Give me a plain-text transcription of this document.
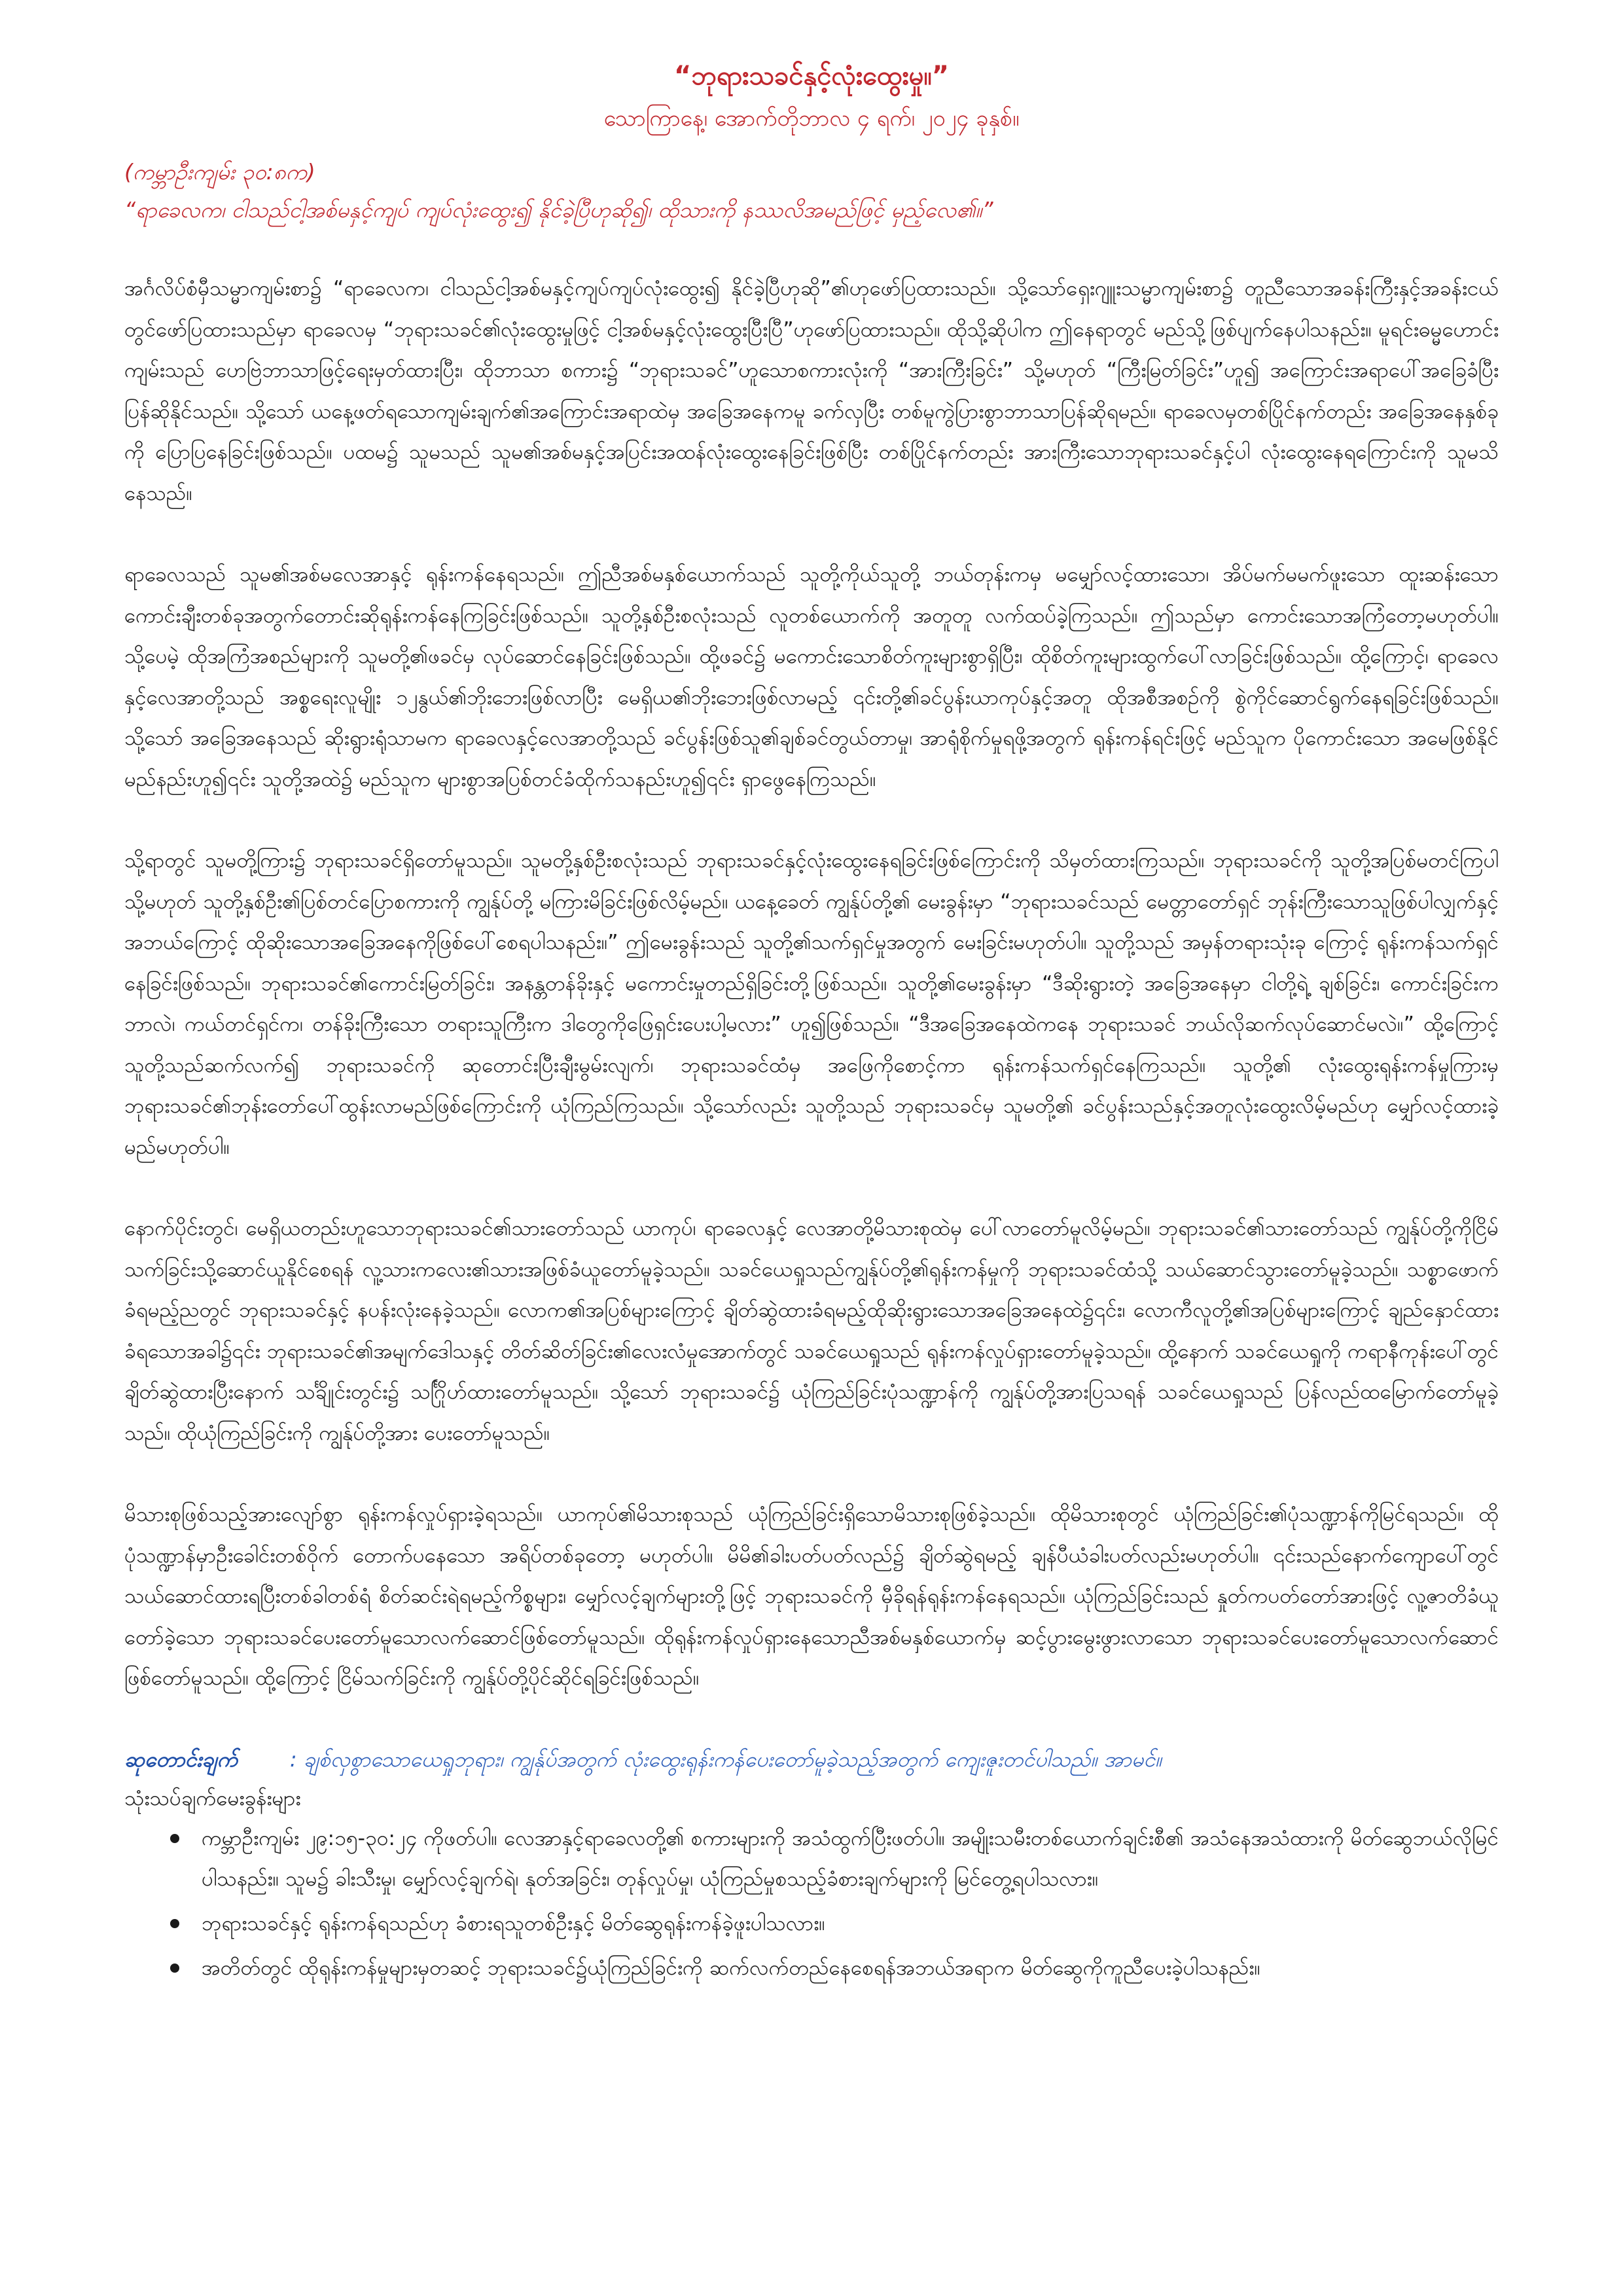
“ဘုရားသခင်နှင့်လုံးထွေးမှု။”

သောကြာနေ့၊ အောက်တိုဘာလ ၄ ရက်၊ ၂၀၂၄ ခုနှစ်။

(ကမ္ဘာဦးကျမ်း ၃၀:၈က)

“ရာခေလက၊ ငါသည်ငါ့အစ်မနှင့်ကျပ် ကျပ်လုံးထွေး၍ နိုင်ခဲ့ပြီဟုဆို၍၊ ထိုသားကို နဿလိအမည်ဖြင့် မှည့်လေ၏။”

အင်္ဂလိပ်စံမှီသမ္မာကျမ်းစာ၌ “ရာခေလက၊ ငါသည်ငါ့အစ်မနှင့်ကျပ်ကျပ်လုံးထွေး၍ နိုင်ခဲ့ပြီဟုဆို”၏ဟုဖော်ပြထားသည်။ သို့သော်ရှေးဂျူးသမ္မာကျမ်းစာ၌ တူညီသောအခန်းကြီးနှင့်အခန်းငယ်တွင်ဖော်ပြထားသည်မှာ ရာခေလမှ “ဘုရားသခင်၏လုံးထွေးမှုဖြင့် ငါ့အစ်မနှင့်လုံးထွေးပြီးပြီ”ဟုဖော်ပြထားသည်။ ထိုသို့ဆိုပါက ဤနေရာတွင် မည်သို့ဖြစ်ပျက်နေပါသနည်း။ မူရင်းဓမ္မဟောင်းကျမ်းသည် ဟေဗြဲဘာသာဖြင့်ရေးမှတ်ထားပြီး၊ ထိုဘာသာ စကား၌ “ဘုရားသခင်”ဟူသောစကားလုံးကို “အားကြီးခြင်း” သို့မဟုတ် “ကြီးမြတ်ခြင်း”ဟူ၍ အကြောင်းအရာပေါ်အခြေခံပြီးပြန်ဆိုနိုင်သည်။ သို့သော် ယနေ့ဖတ်ရသောကျမ်းချက်၏အကြောင်းအရာထဲမှ အခြေအနေကမူ ခက်လှပြီး တစ်မူကွဲပြားစွာဘာသာပြန်ဆိုရမည်။ ရာခေလမှတစ်ပြိုင်နက်တည်း အခြေအနေနှစ်ခုကို ပြောပြနေခြင်းဖြစ်သည်။ ပထမ၌ သူမသည် သူမ၏အစ်မနှင့်အပြင်းအထန်လုံးထွေးနေခြင်းဖြစ်ပြီး တစ်ပြိုင်နက်တည်း အားကြီးသောဘုရားသခင်နှင့်ပါ လုံးထွေးနေရကြောင်းကို သူမသိနေသည်။

ရာခေလသည် သူမ၏အစ်မလေအာနှင့် ရုန်းကန်နေရသည်။ ဤညီအစ်မနှစ်ယောက်သည် သူတို့ကိုယ်သူတို့ ဘယ်တုန်းကမှ မမျှော်လင့်ထားသော၊ အိပ်မက်မမက်ဖူးသော ထူးဆန်းသောကောင်းချီးတစ်ခုအတွက်တောင်းဆိုရုန်းကန်နေကြခြင်းဖြစ်သည်။ သူတို့နှစ်ဦးစလုံးသည် လူတစ်ယောက်ကို အတူတူ လက်ထပ်ခဲ့ကြသည်။ ဤသည်မှာ ကောင်းသောအကြံတော့မဟုတ်ပါ။ သို့ပေမဲ့ ထိုအကြံအစည်များကို သူမတို့၏ဖခင်မှ လုပ်ဆောင်နေခြင်းဖြစ်သည်။ ထို့ဖခင်၌ မကောင်းသောစိတ်ကူးများစွာရှိပြီး၊ ထိုစိတ်ကူးများထွက်ပေါ်လာခြင်းဖြစ်သည်။ ထို့ကြောင့်၊ ရာခေလနှင့်လေအာတို့သည် အစ္စရေးလူမျိုး ၁၂နွယ်၏ဘိုးဘေးဖြစ်လာပြီး မေရှိယ၏ဘိုးဘေးဖြစ်လာမည့် ၎င်းတို့၏ခင်ပွန်းယာကုပ်နှင့်အတူ ထိုအစီအစဉ်ကို စွဲကိုင်ဆောင်ရွက်နေရခြင်းဖြစ်သည်။ သို့သော် အခြေအနေသည် ဆိုးရွားရုံသာမက ရာခေလနှင့်လေအာတို့သည် ခင်ပွန်းဖြစ်သူ၏ချစ်ခင်တွယ်တာမှု၊ အာရုံစိုက်မှုရဖို့အတွက် ရုန်းကန်ရင်းဖြင့် မည်သူက ပိုကောင်းသော အမေဖြစ်နိုင်မည်နည်းဟူ၍၎င်း သူတို့အထဲ၌ မည်သူက များစွာအပြစ်တင်ခံထိုက်သနည်းဟူ၍၎င်း ရှာဖွေနေကြသည်။

သို့ရာတွင် သူမတို့ကြား၌ ဘုရားသခင်ရှိတော်မူသည်။ သူမတို့နှစ်ဦးစလုံးသည် ဘုရားသခင်နှင့်လုံးထွေးနေရခြင်းဖြစ်ကြောင်းကို သိမှတ်ထားကြသည်။ ဘုရားသခင်ကို သူတို့အပြစ်မတင်ကြပါ သို့မဟုတ် သူတို့နှစ်ဦး၏ပြစ်တင်ပြောစကားကို ကျွန်ုပ်တို့ မကြားမိခြင်းဖြစ်လိမ့်မည်။ ယနေ့ခေတ် ကျွန်ုပ်တို့၏ မေးခွန်းမှာ “ဘုရားသခင်သည် မေတ္တာတော်ရှင် ဘုန်းကြီးသောသူဖြစ်ပါလျှက်နှင့် အဘယ်ကြောင့် ထိုဆိုးသောအခြေအနေကိုဖြစ်ပေါ်စေရပါသနည်း။” ဤမေးခွန်းသည် သူတို့၏သက်ရှင်မှုအတွက် မေးခြင်းမဟုတ်ပါ။ သူတို့သည် အမှန်တရားသုံးခု ကြောင့် ရုန်းကန်သက်ရှင်နေခြင်းဖြစ်သည်။ ဘုရားသခင်၏ကောင်းမြတ်ခြင်း၊ အနန္တတန်ခိုးနှင့် မကောင်းမှုတည်ရှိခြင်းတို့ဖြစ်သည်။ သူတို့၏မေးခွန်းမှာ “ဒီဆိုးရွားတဲ့ အခြေအနေမှာ ငါတို့ရဲ့ ချစ်ခြင်း၊ ကောင်းခြင်းက ဘာလဲ၊ ကယ်တင်ရှင်က၊ တန်ခိုးကြီးသော တရားသူကြီးက ဒါတွေကိုဖြေရှင်းပေးပါ့မလား” ဟူ၍ဖြစ်သည်။ “ဒီအခြေအနေထဲကနေ ဘုရားသခင် ဘယ်လိုဆက်လုပ်ဆောင်မလဲ။” ထို့ကြောင့် သူတို့သည်ဆက်လက်၍ ဘုရားသခင်ကို ဆုတောင်းပြီးချီးမွမ်းလျက်၊ ဘုရားသခင်ထံမှ အဖြေကိုစောင့်ကာ ရုန်းကန်သက်ရှင်နေကြသည်။ သူတို့၏ လုံးထွေးရုန်းကန်မှုကြားမှ ဘုရားသခင်၏ဘုန်းတော်ပေါ်ထွန်းလာမည်ဖြစ်ကြောင်းကို ယုံကြည်ကြသည်။ သို့သော်လည်း သူတို့သည် ဘုရားသခင်မှ သူမတို့၏ ခင်ပွန်းသည်နှင့်အတူလုံးထွေးလိမ့်မည်ဟု မျှော်လင့်ထားခဲ့မည်မဟုတ်ပါ။

နောက်ပိုင်းတွင်၊ မေရှိယတည်းဟူသောဘုရားသခင်၏သားတော်သည် ယာကုပ်၊ ရာခေလနှင့် လေအာတို့မိသားစုထဲမှ ပေါ်လာတော်မူလိမ့်မည်။ ဘုရားသခင်၏သားတော်သည် ကျွန်ုပ်တို့ကိုငြိမ်သက်ခြင်းသို့ဆောင်ယူနိုင်စေရန် လူ့သားကလေး၏သားအဖြစ်ခံယူတော်မူခဲ့သည်။ သခင်ယေရှုသည်ကျွန်ုပ်တို့၏ရုန်းကန်မှုကို ဘုရားသခင်ထံသို့ သယ်ဆောင်သွားတော်မူခဲ့သည်။ သစ္စာဖောက်ခံရမည့်ညတွင် ဘုရားသခင်နှင့် နပန်းလုံးနေခဲ့သည်။ လောက၏အပြစ်များကြောင့် ချိတ်ဆွဲထားခံရမည့်ထိုဆိုးရွားသောအခြေအနေထဲ၌၎င်း၊ လောကီလူတို့၏အပြစ်များကြောင့် ချည်နှောင်ထားခံရသောအခါ၌၎င်း ဘုရားသခင်၏အမျက်ဒေါသနှင့် တိတ်ဆိတ်ခြင်း၏လေးလံမှုအောက်တွင် သခင်ယေရှုသည် ရုန်းကန်လှုပ်ရှားတော်မူခဲ့သည်။ ထို့နောက် သခင်ယေရှုကို ကရာနီကုန်းပေါ်တွင် ချိတ်ဆွဲထားပြီးနောက် သင်္ချိုင်းတွင်း၌ သင်္ဂြိုဟ်ထားတော်မူသည်။ သို့သော် ဘုရားသခင်၌ ယုံကြည်ခြင်းပုံသဏ္ဍာန်ကို ကျွန်ုပ်တို့အားပြသရန် သခင်ယေရှုသည် ပြန်လည်ထမြောက်တော်မူခဲ့သည်။ ထိုယုံကြည်ခြင်းကို ကျွန်ုပ်တို့အား ပေးတော်မူသည်။

မိသားစုဖြစ်သည့်အားလျော်စွာ ရုန်းကန်လှုပ်ရှားခဲ့ရသည်။ ယာကုပ်၏မိသားစုသည် ယုံကြည်ခြင်းရှိသောမိသားစုဖြစ်ခဲ့သည်။ ထိုမိသားစုတွင် ယုံကြည်ခြင်း၏ပုံသဏ္ဍာန်ကိုမြင်ရသည်။ ထိုပုံသဏ္ဍာန်မှာဦးခေါင်းတစ်ဝိုက် တောက်ပနေသော အရိပ်တစ်ခုတော့ မဟုတ်ပါ။ မိမိ၏ခါးပတ်ပတ်လည်၌ ချိတ်ဆွဲရမည့် ချန်ပီယံခါးပတ်လည်းမဟုတ်ပါ။ ၎င်းသည်နောက်ကျောပေါ်တွင် သယ်ဆောင်ထားရပြီးတစ်ခါတစ်ရံ စိတ်ဆင်းရဲရမည့်ကိစ္စများ၊ မျှော်လင့်ချက်များတို့ဖြင့် ဘုရားသခင်ကို မှီခိုရန်ရုန်းကန်နေရသည်။ ယုံကြည်ခြင်းသည် နှုတ်ကပတ်တော်အားဖြင့် လူ့ဇာတိခံယူတော်ခဲ့သော ဘုရားသခင်ပေးတော်မူသောလက်ဆောင်ဖြစ်တော်မူသည်။ ထိုရုန်းကန်လှုပ်ရှားနေသောညီအစ်မနှစ်ယောက်မှ ဆင့်ပွားမွေးဖွားလာသော ဘုရားသခင်ပေးတော်မူသောလက်ဆောင်ဖြစ်တော်မူသည်။ ထို့ကြောင့် ငြိမ်သက်ခြင်းကို ကျွန်ုပ်တို့ပိုင်ဆိုင်ရခြင်းဖြစ်သည်။

ဆုတောင်းချက်	: ချစ်လှစွာသောယေရှုဘုရား၊ ကျွန်ုပ်အတွက် လုံးထွေးရုန်းကန်ပေးတော်မူခဲ့သည့်အတွက် ကျေးဇူးတင်ပါသည်။ အာမင်။

သုံးသပ်ချက်မေးခွန်းများ

ကမ္ဘာဦးကျမ်း ၂၉:၁၅-၃၀:၂၄ ကိုဖတ်ပါ။ လေအာနှင့်ရာခေလတို့၏ စကားများကို အသံထွက်ပြီးဖတ်ပါ။ အမျိုးသမီးတစ်ယောက်ချင်းစီ၏ အသံနေအသံထားကို မိတ်ဆွေဘယ်လိုမြင်ပါသနည်း။ သူမ၌ ခါးသီးမှု၊ မျှော်လင့်ချက်ရဲ၊ နုတ်အခြင်း၊ တုန်လှုပ်မှု၊ ယုံကြည်မှုစသည့်ခံစားချက်များကို မြင်တွေ့ရပါသလား။
ဘုရားသခင်နှင့် ရုန်းကန်ရသည်ဟု ခံစားရသူတစ်ဦးနှင့် မိတ်ဆွေရုန်းကန်ခဲ့ဖူးပါသလား။
အတိတ်တွင် ထိုရုန်းကန်မှုများမှတဆင့် ဘုရားသခင်၌ယုံကြည်ခြင်းကို ဆက်လက်တည်နေစေရန်အဘယ်အရာက မိတ်ဆွေကိုကူညီပေးခဲ့ပါသနည်း။
